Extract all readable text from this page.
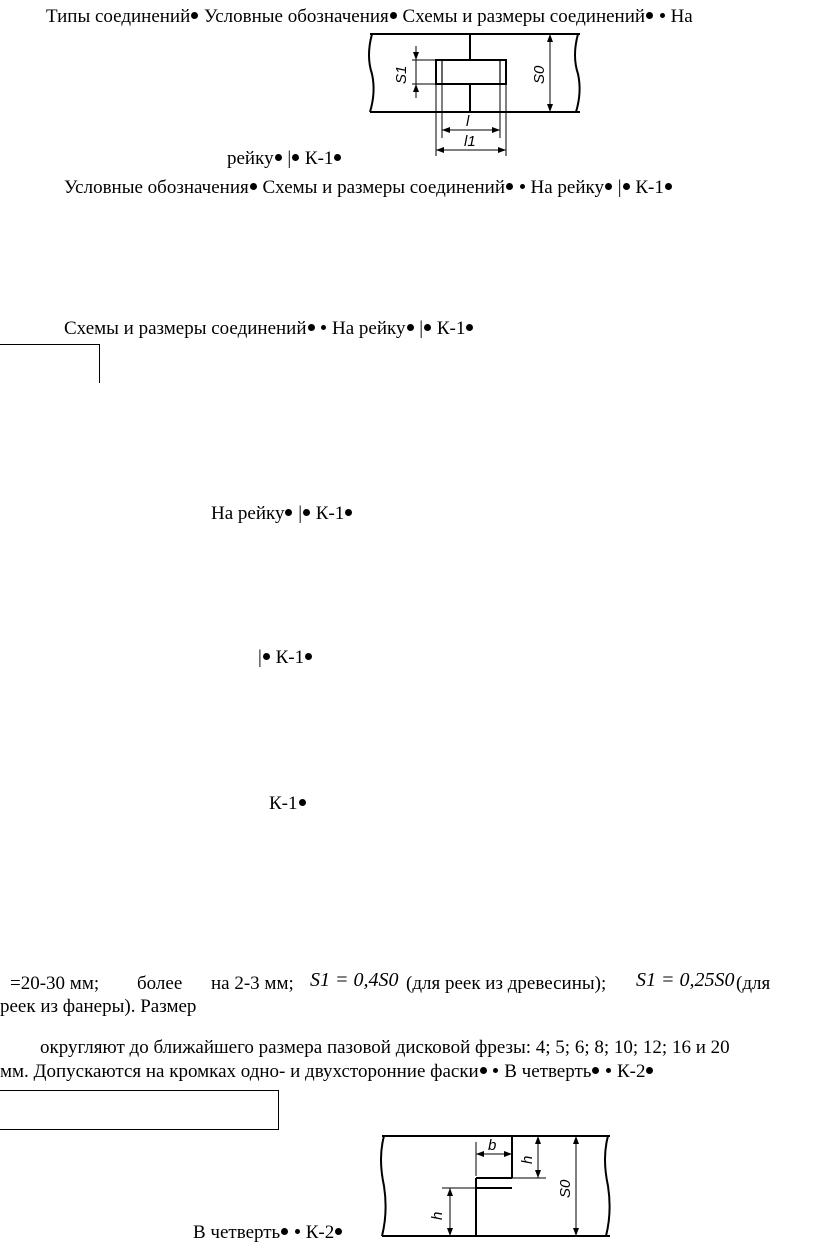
Типы соединений Условные обозначения Схемы и размеры соединений На
S1	S0
l
l1
рейку | К-1
Условные обозначения Схемы и размеры соединений На рейку | К-1
Схемы и размеры соединений На рейку | К-1
На рейку | К-1
| К-1
К-1
=20-30 мм; более на 2-3 мм; S1 = 0,4S0 (для реек из древесины); S1 = 0,25S0 (для
реек из фанеры). Размер
округляют до ближайшего размера пазовой дисковой фрезы: 4; 5; 6; 8; 10; 12; 16 и 20
мм. Допускаются на кромках одно- и двухсторонние фаски В четверть К-2
b
h
S0
h
В четверть К-2
